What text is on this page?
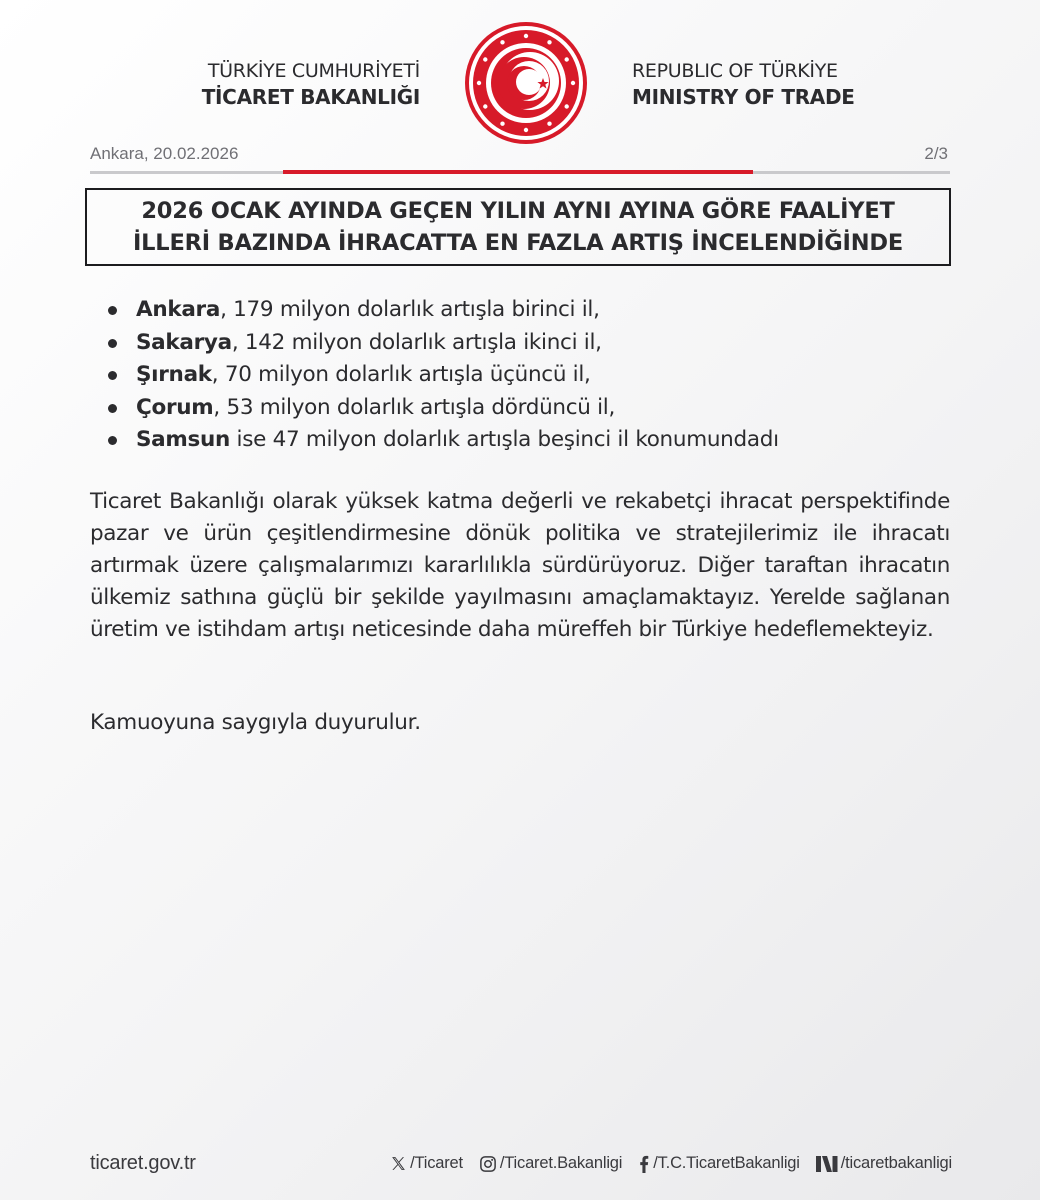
TÜRKİYE CUMHURİYETİ
TİCARET BAKANLIĞI
REPUBLIC OF TÜRKİYE
MINISTRY OF TRADE
Ankara, 20.02.2026	2/3
2026 OCAK AYINDA GEÇEN YILIN AYNI AYINA GÖRE FAALİYET
İLLERİ BAZINDA İHRACATTA EN FAZLA ARTIŞ İNCELENDİĞİNDE
Ankara, 179 milyon dolarlık artışla birinci il,
Sakarya, 142 milyon dolarlık artışla ikinci il,
Şırnak, 70 milyon dolarlık artışla üçüncü il,
Çorum, 53 milyon dolarlık artışla dördüncü il,
Samsun ise 47 milyon dolarlık artışla beşinci il konumundadı
Ticaret Bakanlığı olarak yüksek katma değerli ve rekabetçi ihracat perspektifinde pazar ve ürün çeşitlendirmesine dönük politika ve stratejilerimiz ile ihracatı artırmak üzere çalışmalarımızı kararlılıkla sürdürüyoruz. Diğer taraftan ihracatın ülkemiz sathına güçlü bir şekilde yayılmasını amaçlamaktayız. Yerelde sağlanan üretim ve istihdam artışı neticesinde daha müreffeh bir Türkiye hedeflemekteyiz.
Kamuoyuna saygıyla duyurulur.
ticaret.gov.tr	/Ticaret /Ticaret.Bakanligi /T.C.TicaretBakanligi /ticaretbakanligi
